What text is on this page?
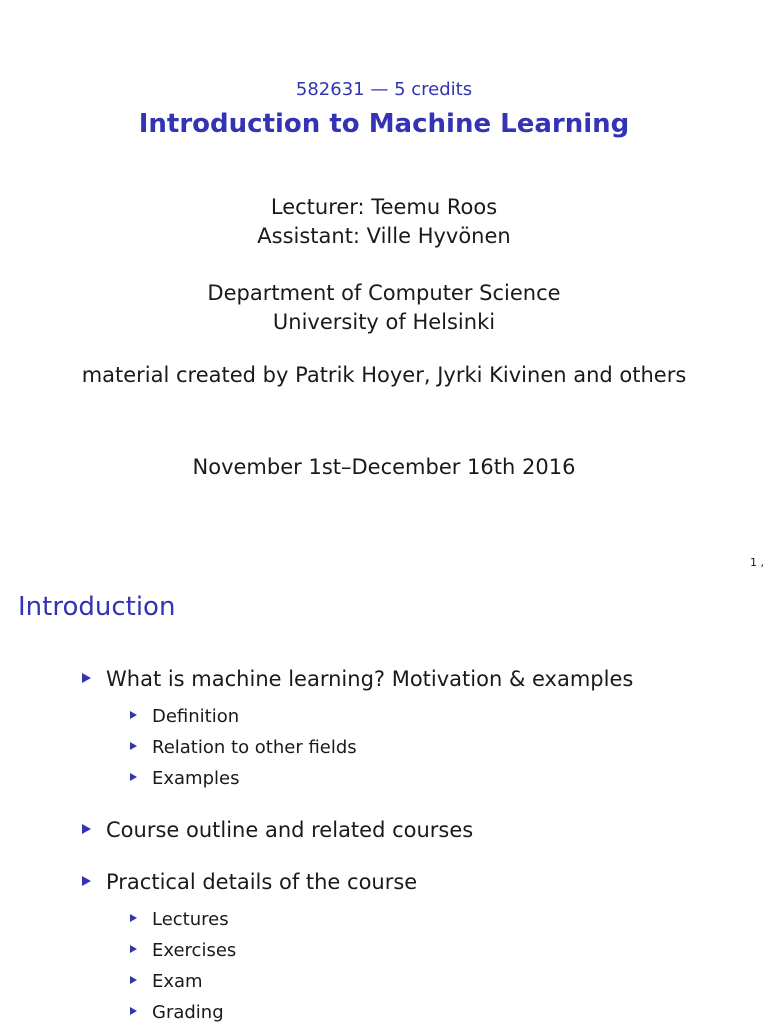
582631 — 5 credits
Introduction to Machine Learning
Lecturer: Teemu Roos
Assistant: Ville Hyvönen
Department of Computer Science
University of Helsinki
material created by Patrik Hoyer, Jyrki Kivinen and others
November 1st–December 16th 2016
1 ,
Introduction
What is machine learning? Motivation & examples
Definition
Relation to other fields
Examples
Course outline and related courses
Practical details of the course
Lectures
Exercises
Exam
Grading
